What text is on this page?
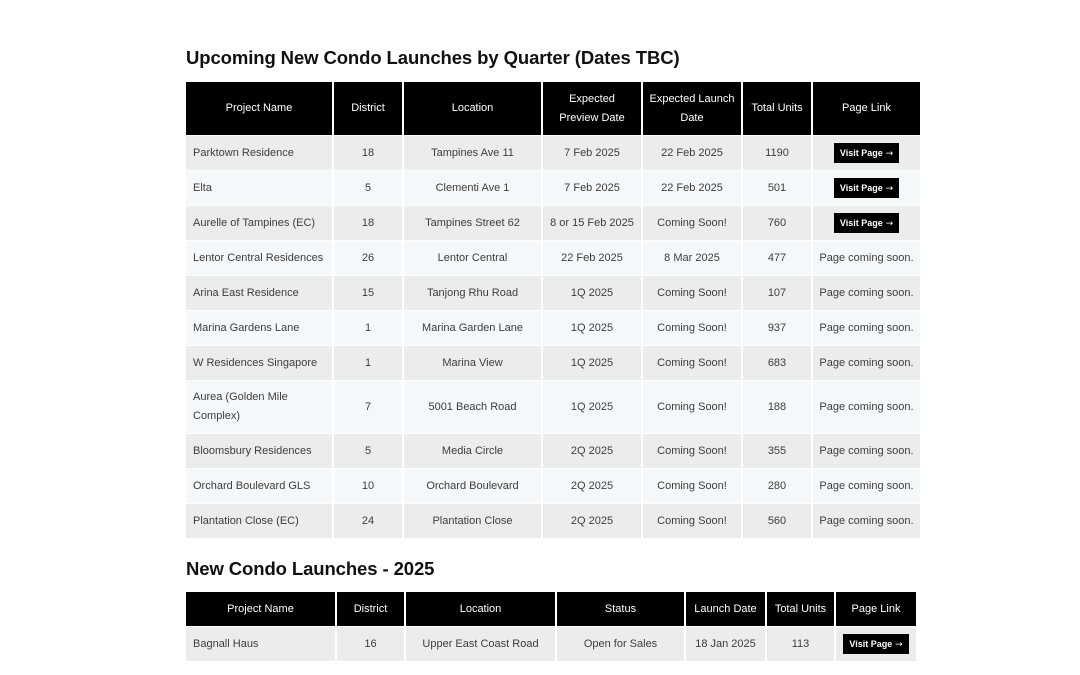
Upcoming New Condo Launches by Quarter (Dates TBC)
Project Name	District	Location	Expected Preview Date	Expected Launch Date	Total Units	Page Link
Parktown Residence	18	Tampines Ave 11	7 Feb 2025	22 Feb 2025	1190	Visit Page →
Elta	5	Clementi Ave 1	7 Feb 2025	22 Feb 2025	501	Visit Page →
Aurelle of Tampines (EC)	18	Tampines Street 62	8 or 15 Feb 2025	Coming Soon!	760	Visit Page →
Lentor Central Residences	26	Lentor Central	22 Feb 2025	8 Mar 2025	477	Page coming soon.
Arina East Residence	15	Tanjong Rhu Road	1Q 2025	Coming Soon!	107	Page coming soon.
Marina Gardens Lane	1	Marina Garden Lane	1Q 2025	Coming Soon!	937	Page coming soon.
W Residences Singapore	1	Marina View	1Q 2025	Coming Soon!	683	Page coming soon.
Aurea (Golden Mile Complex)	7	5001 Beach Road	1Q 2025	Coming Soon!	188	Page coming soon.
Bloomsbury Residences	5	Media Circle	2Q 2025	Coming Soon!	355	Page coming soon.
Orchard Boulevard GLS	10	Orchard Boulevard	2Q 2025	Coming Soon!	280	Page coming soon.
Plantation Close (EC)	24	Plantation Close	2Q 2025	Coming Soon!	560	Page coming soon.
New Condo Launches - 2025
Project Name	District	Location	Status	Launch Date	Total Units	Page Link
Bagnall Haus	16	Upper East Coast Road	Open for Sales	18 Jan 2025	113	Visit Page →
